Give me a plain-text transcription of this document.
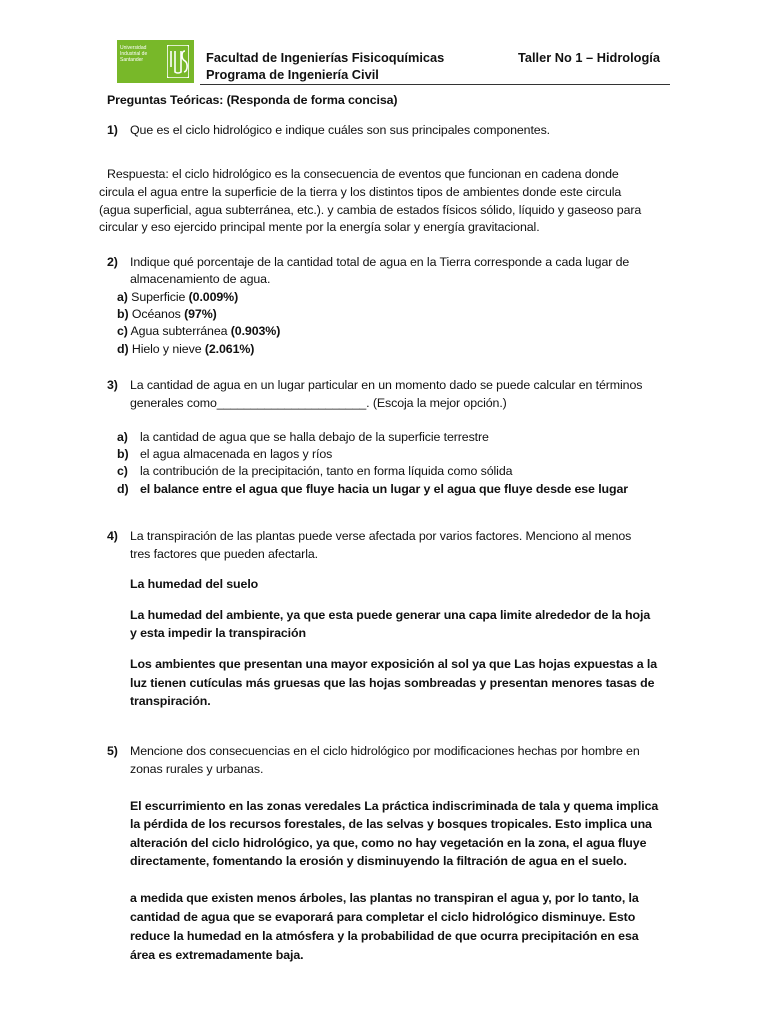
Universidad
Industrial de
Santander	Facultad de Ingenierías Fisicoquímicas
Programa de Ingeniería Civil
Taller No 1 – Hidrología
Preguntas Teóricas: (Responda de forma concisa)
1) Que es el ciclo hidrológico e indique cuáles son sus principales componentes.
Respuesta: el ciclo hidrológico es la consecuencia de eventos que funcionan en cadena donde
circula el agua entre la superficie de la tierra y los distintos tipos de ambientes donde este circula
(agua superficial, agua subterránea, etc.). y cambia de estados físicos sólido, líquido y gaseoso para
circular y eso ejercido principal mente por la energía solar y energía gravitacional.
2) Indique qué porcentaje de la cantidad total de agua en la Tierra corresponde a cada lugar de
almacenamiento de agua.
a) Superficie (0.009%)
b) Océanos (97%)
c) Agua subterránea (0.903%)
d) Hielo y nieve (2.061%)
3) La cantidad de agua en un lugar particular en un momento dado se puede calcular en términos
generales como______________________. (Escoja la mejor opción.)
a) la cantidad de agua que se halla debajo de la superficie terrestre
b) el agua almacenada en lagos y ríos
c) la contribución de la precipitación, tanto en forma líquida como sólida
d) el balance entre el agua que fluye hacia un lugar y el agua que fluye desde ese lugar
4) La transpiración de las plantas puede verse afectada por varios factores. Menciono al menos
tres factores que pueden afectarla.
La humedad del suelo
La humedad del ambiente, ya que esta puede generar una capa limite alrededor de la hoja
y esta impedir la transpiración
Los ambientes que presentan una mayor exposición al sol ya que Las hojas expuestas a la
luz tienen cutículas más gruesas que las hojas sombreadas y presentan menores tasas de
transpiración.
5) Mencione dos consecuencias en el ciclo hidrológico por modificaciones hechas por hombre en
zonas rurales y urbanas.
El escurrimiento en las zonas veredales La práctica indiscriminada de tala y quema implica
la pérdida de los recursos forestales, de las selvas y bosques tropicales. Esto implica una
alteración del ciclo hidrológico, ya que, como no hay vegetación en la zona, el agua fluye
directamente, fomentando la erosión y disminuyendo la filtración de agua en el suelo.
a medida que existen menos árboles, las plantas no transpiran el agua y, por lo tanto, la
cantidad de agua que se evaporará para completar el ciclo hidrológico disminuye. Esto
reduce la humedad en la atmósfera y la probabilidad de que ocurra precipitación en esa
área es extremadamente baja.
